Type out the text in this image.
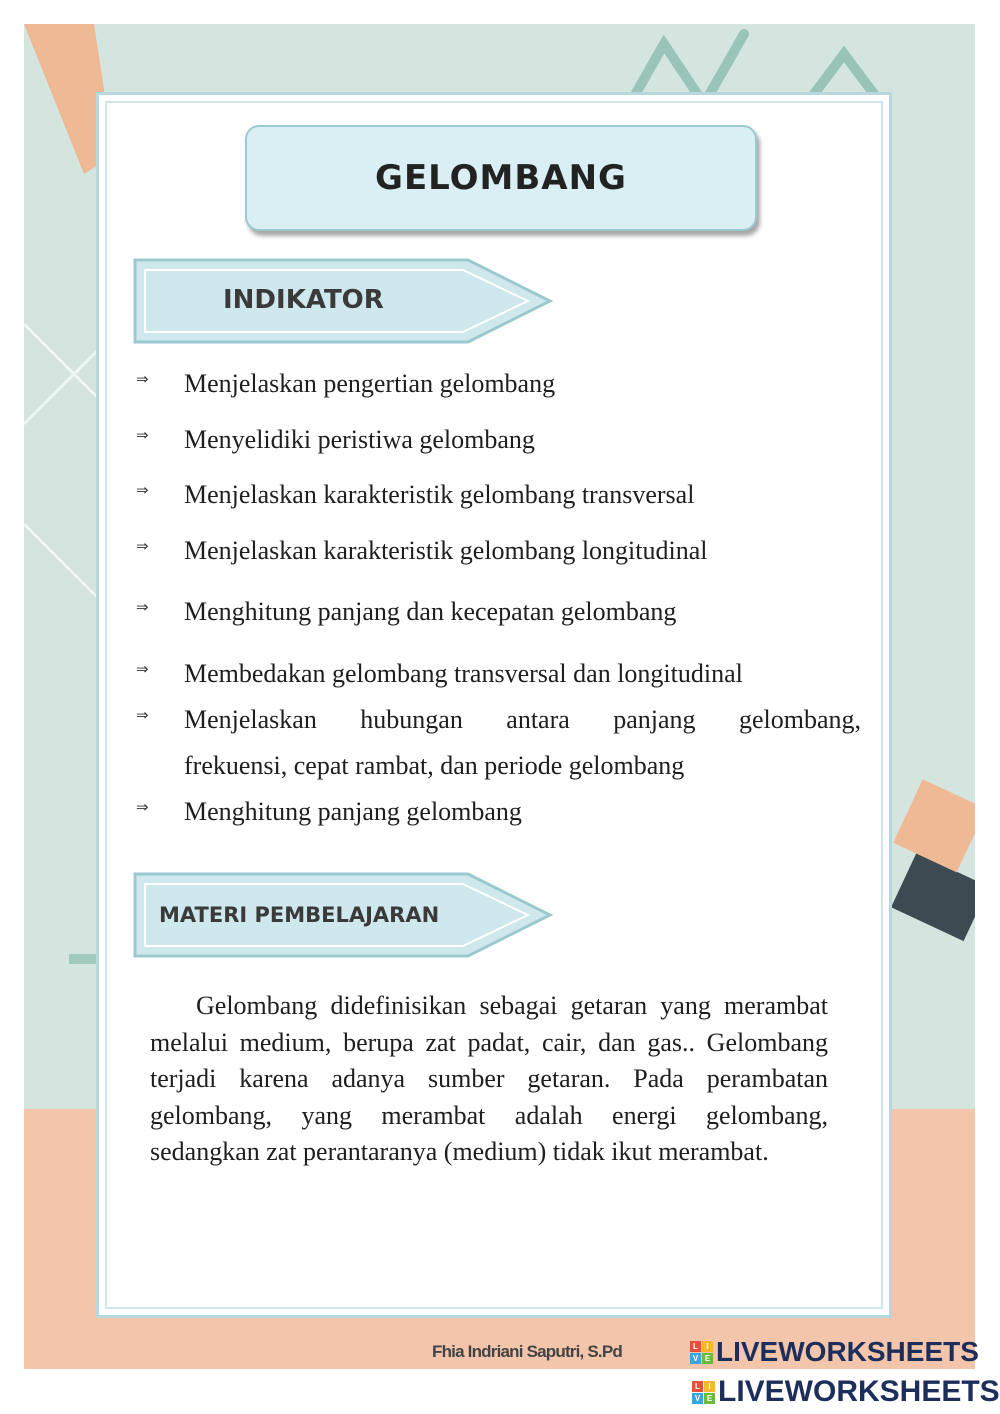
GELOMBANG
INDIKATOR
⇒ Menjelaskan pengertian gelombang
⇒ Menyelidiki peristiwa gelombang
⇒ Menjelaskan karakteristik gelombang transversal
⇒ Menjelaskan karakteristik gelombang longitudinal
⇒ Menghitung panjang dan kecepatan gelombang
⇒ Membedakan gelombang transversal dan longitudinal
⇒ Menjelaskan hubungan antara panjang gelombang,
frekuensi, cepat rambat, dan periode gelombang
⇒ Menghitung panjang gelombang
MATERI PEMBELAJARAN
Gelombang didefinisikan sebagai getaran yang merambat melalui medium, berupa zat padat, cair, dan gas.. Gelombang terjadi karena adanya sumber getaran. Pada perambatan gelombang, yang merambat adalah energi gelombang, sedangkan zat perantaranya (medium) tidak ikut merambat.
Fhia Indriani Saputri, S.Pd	L	I
V E LIVEWORKSHEETS
L	I
V E LIVEWORKSHEETS
